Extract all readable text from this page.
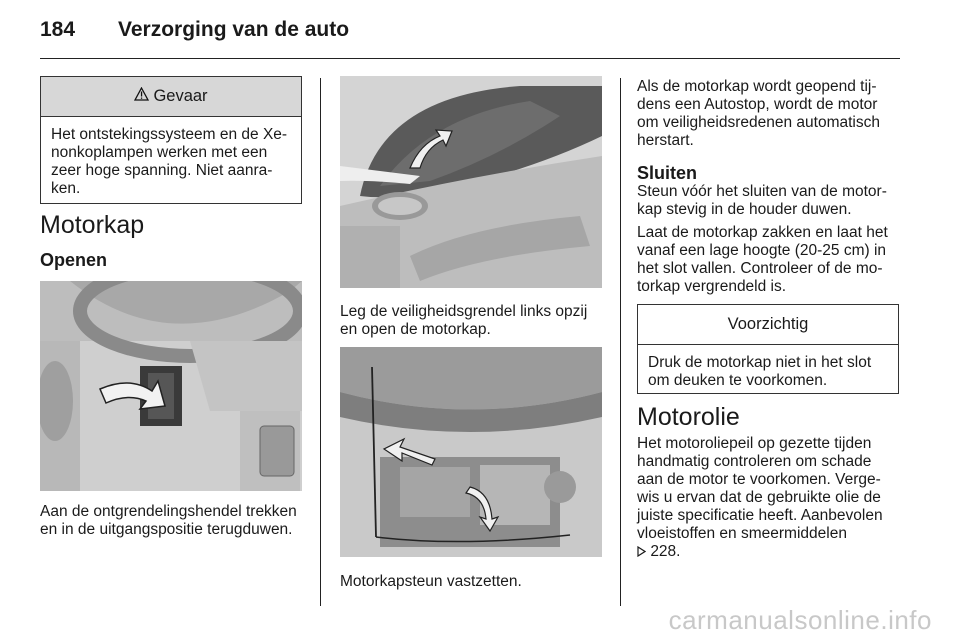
184 Verzorging van de auto
Gevaar
Het ontstekingssysteem en de Xe-
nonkoplampen werken met een
zeer hoge spanning. Niet aanra-
ken.
Motorkap
Openen
Aan de ontgrendelingshendel trekken
en in de uitgangspositie terugduwen.
Leg de veiligheidsgrendel links opzij
en open de motorkap.
Motorkapsteun vastzetten.
Als de motorkap wordt geopend tij-
dens een Autostop, wordt de motor
om veiligheidsredenen automatisch
herstart.
Sluiten
Steun vóór het sluiten van de motor-
kap stevig in de houder duwen.
Laat de motorkap zakken en laat het
vanaf een lage hoogte (20-25 cm) in
het slot vallen. Controleer of de mo-
torkap vergrendeld is.
Voorzichtig
Druk de motorkap niet in het slot
om deuken te voorkomen.
Motorolie
Het motoroliepeil op gezette tijden
handmatig controleren om schade
aan de motor te voorkomen. Verge-
wis u ervan dat de gebruikte olie de
juiste specificatie heeft. Aanbevolen
vloeistoffen en smeermiddelen
228.
carmanualsonline.info
